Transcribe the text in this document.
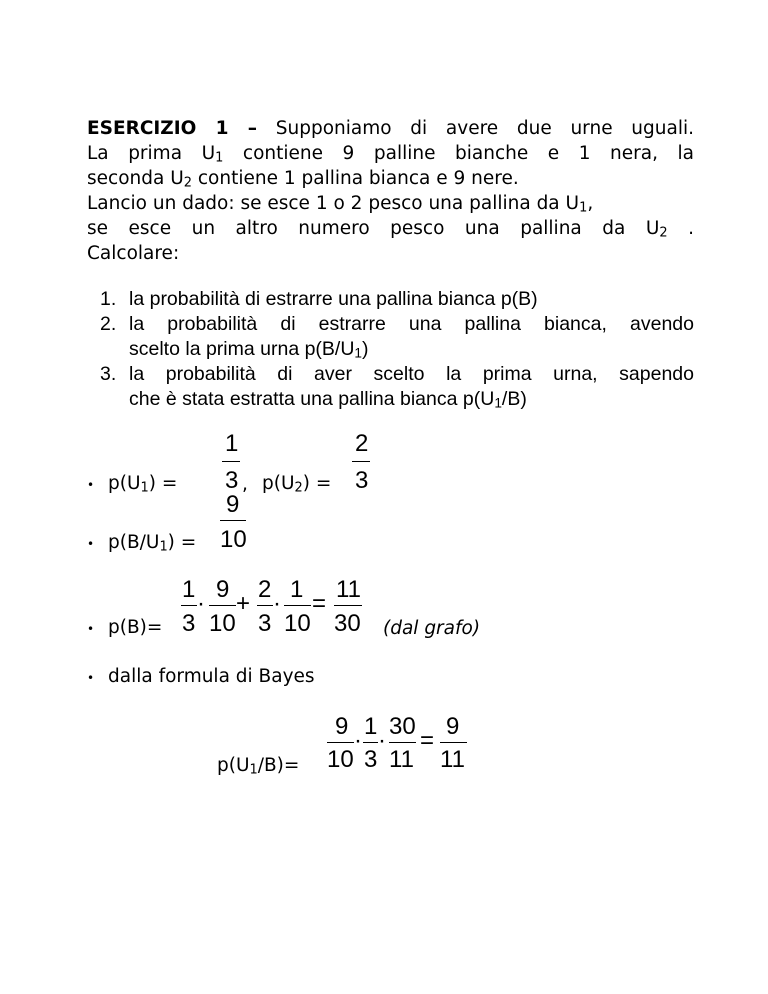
ESERCIZIO 1 – Supponiamo di avere due urne uguali.
La prima $U_1$ contiene 9 palline bianche e 1 nera, la
seconda $U_2$ contiene 1 pallina bianca e 9 nere.
Lancio un dado: se esce 1 o 2 pesco una pallina da $U_1$,
se esce un altro numero pesco una pallina da $U_2$ .
Calcolare:
1. la probabilità di estrarre una pallina bianca p(B)
2. la probabilità di estrarre una pallina bianca, avendo
scelto la prima urna $p(B/U_1)$
3. la probabilità di aver scelto la prima urna, sapendo
che è stata estratta una pallina bianca $p(U_1/B)$
• $p(U_1)$ =
1
3 , $p(U_2)$ =
2
3
• $p(B/U_1)$ =
9
10
• p(B)=
1
3
·
9
10
+
2
3
·
1
10
=
11
30 (dal grafo)
• dalla formula di Bayes
$p(U_1/B)=$
9
10
·
1
3
·
30
11
=
9
11
